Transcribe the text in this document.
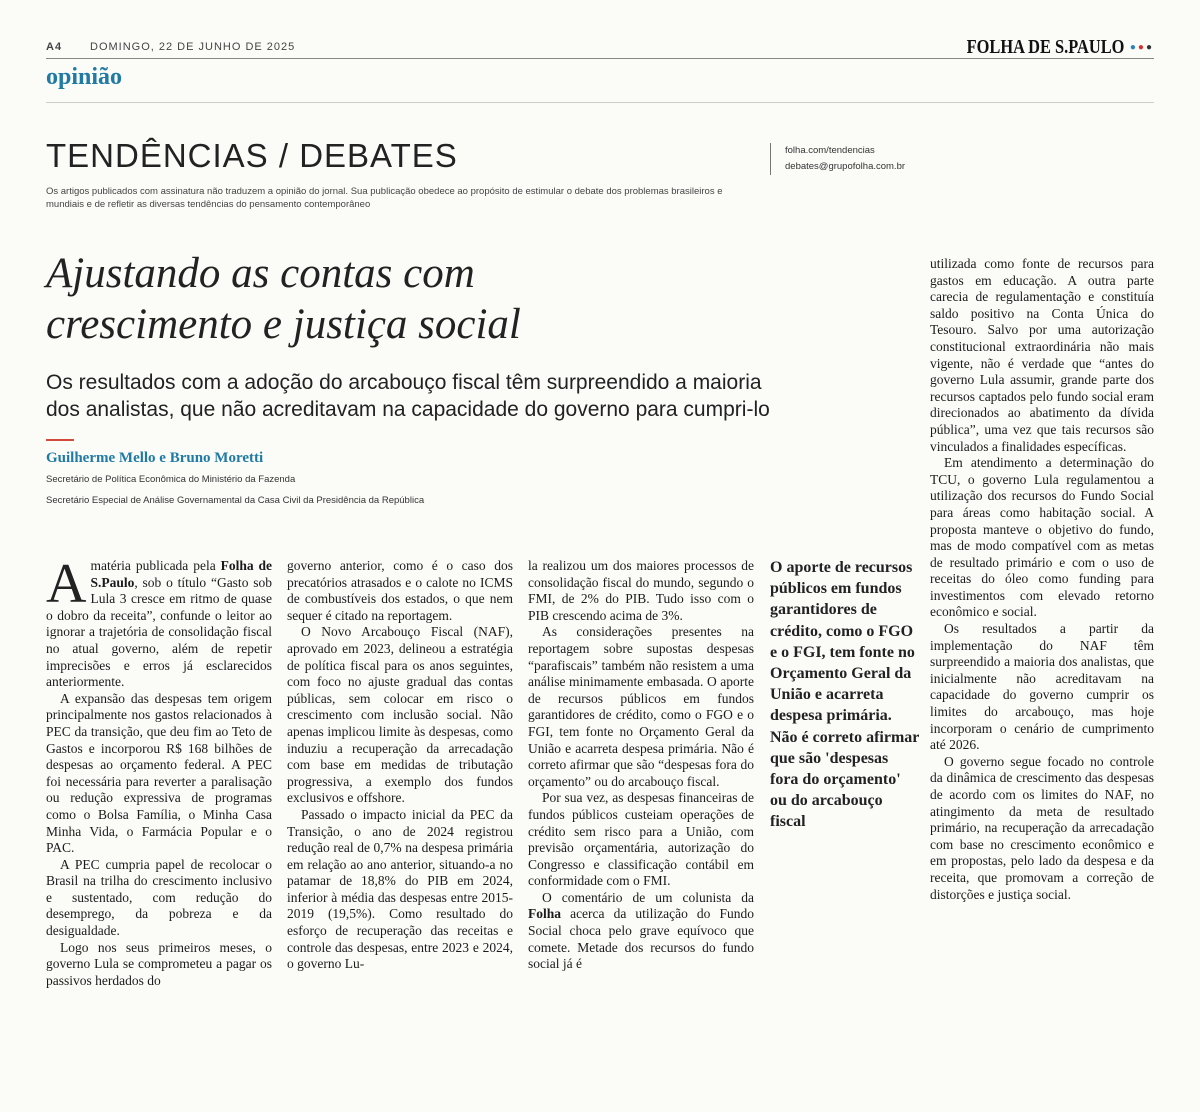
A4	DOMINGO, 22 DE JUNHO DE 2025	FOLHA DE S.PAULO ●●●
opinião
TENDÊNCIAS / DEBATES	folha.com/tendencias
debates@grupofolha.com.br
Os artigos publicados com assinatura não traduzem a opinião do jornal. Sua publicação obedece ao propósito de estimular o debate dos problemas brasileiros e mundiais e de refletir as diversas tendências do pensamento contemporâneo
Ajustando as contas com
crescimento e justiça social
Os resultados com a adoção do arcabouço fiscal têm surpreendido a maioria
dos analistas, que não acreditavam na capacidade do governo para cumpri-lo
Guilherme Mello e Bruno Moretti
Secretário de Política Econômica do Ministério da Fazenda
Secretário Especial de Análise Governamental da Casa Civil da Presidência da República

A matéria publicada pela Folha de S.Paulo, sob o título “Gasto sob Lula 3 cresce em ritmo de quase o dobro da receita”, confunde o leitor ao ignorar a trajetória de consolidação fiscal no atual governo, além de repetir imprecisões e erros já esclarecidos anteriormente.

A expansão das despesas tem origem principalmente nos gastos relacionados à PEC da transição, que deu fim ao Teto de Gastos e incorporou R$ 168 bilhões de despesas ao orçamento federal. A PEC foi necessária para reverter a paralisação ou redução expressiva de programas como o Bolsa Família, o Minha Casa Minha Vida, o Farmácia Popular e o PAC.

A PEC cumpria papel de recolocar o Brasil na trilha do crescimento inclusivo e sustentado, com redução do desemprego, da pobreza e da desigualdade.

Logo nos seus primeiros meses, o governo Lula se comprometeu a pagar os passivos herdados do

governo anterior, como é o caso dos precatórios atrasados e o calote no ICMS de combustíveis dos estados, o que nem sequer é citado na reportagem.

O Novo Arcabouço Fiscal (NAF), aprovado em 2023, delineou a estratégia de política fiscal para os anos seguintes, com foco no ajuste gradual das contas públicas, sem colocar em risco o crescimento com inclusão social. Não apenas implicou limite às despesas, como induziu a recuperação da arrecadação com base em medidas de tributação progressiva, a exemplo dos fundos exclusivos e offshore.

Passado o impacto inicial da PEC da Transição, o ano de 2024 registrou redução real de 0,7% na despesa primária em relação ao ano anterior, situando-a no patamar de 18,8% do PIB em 2024, inferior à média das despesas entre 2015-2019 (19,5%). Como resultado do esforço de recuperação das receitas e controle das despesas, entre 2023 e 2024, o governo Lu-

la realizou um dos maiores processos de consolidação fiscal do mundo, segundo o FMI, de 2% do PIB. Tudo isso com o PIB crescendo acima de 3%.

As considerações presentes na reportagem sobre supostas despesas “parafiscais” também não resistem a uma análise minimamente embasada. O aporte de recursos públicos em fundos garantidores de crédito, como o FGO e o FGI, tem fonte no Orçamento Geral da União e acarreta despesa primária. Não é correto afirmar que são “despesas fora do orçamento” ou do arcabouço fiscal.

Por sua vez, as despesas financeiras de fundos públicos custeiam operações de crédito sem risco para a União, com previsão orçamentária, autorização do Congresso e classificação contábil em conformidade com o FMI.

O comentário de um colunista da Folha acerca da utilização do Fundo Social choca pelo grave equívoco que comete. Metade dos recursos do fundo social já é

O aporte de recursos públicos em fundos garantidores de crédito, como o FGO e o FGI, tem fonte no Orçamento Geral da União e acarreta despesa primária. Não é correto afirmar que são 'despesas fora do orçamento' ou do arcabouço fiscal

utilizada como fonte de recursos para gastos em educação. A outra parte carecia de regulamentação e constituía saldo positivo na Conta Única do Tesouro. Salvo por uma autorização constitucional extraordinária não mais vigente, não é verdade que “antes do governo Lula assumir, grande parte dos recursos captados pelo fundo social eram direcionados ao abatimento da dívida pública”, uma vez que tais recursos são vinculados a finalidades específicas.

Em atendimento a determinação do TCU, o governo Lula regulamentou a utilização dos recursos do Fundo Social para áreas como habitação social. A proposta manteve o objetivo do fundo, mas de modo compatível com as metas de resultado primário e com o uso de receitas do óleo como funding para investimentos com elevado retorno econômico e social.

Os resultados a partir da implementação do NAF têm surpreendido a maioria dos analistas, que inicialmente não acreditavam na capacidade do governo cumprir os limites do arcabouço, mas hoje incorporam o cenário de cumprimento até 2026.

O governo segue focado no controle da dinâmica de crescimento das despesas de acordo com os limites do NAF, no atingimento da meta de resultado primário, na recuperação da arrecadação com base no crescimento econômico e em propostas, pelo lado da despesa e da receita, que promovam a correção de distorções e justiça social.
